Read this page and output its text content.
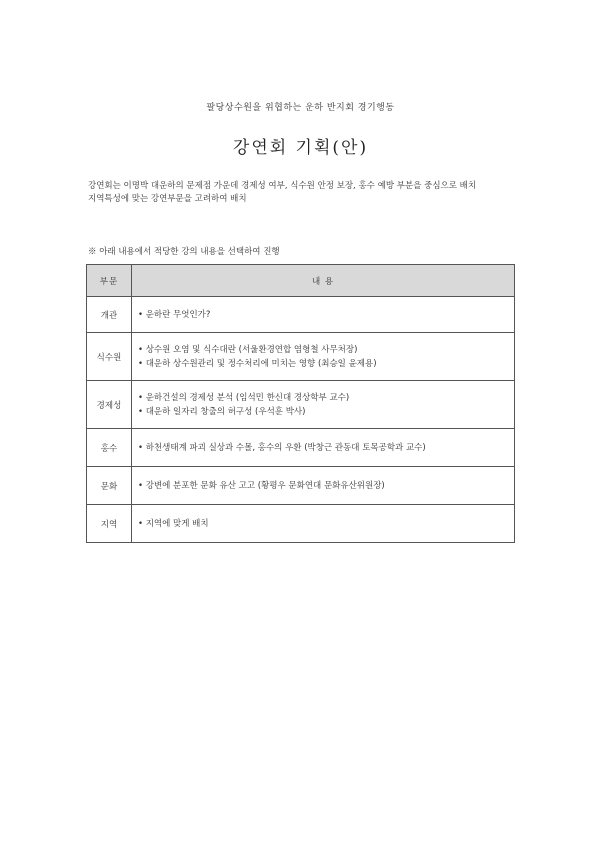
팔당상수원을 위협하는 운하 반지회 경기행동
강연회 기획(안)

강연회는 이명박 대운하의 문제점 가운데 경제성 여부, 식수원 안정 보장, 홍수 예방 부분을 중심으로 배치

지역특성에 맞는 강연부문을 고려하여 배치

※ 아래 내용에서 적당한 강의 내용을 선택하여 진행
부문	내 용
개관	• 운하란 무엇인가?

식수원	• 상수원 오염 및 식수대란 (서울환경연합 염형철 사무처장)
• 대운하 상수원관리 및 정수처리에 미치는 영향 (최승일 윤제용)

경제성	• 운하건설의 경제성 분석 (임석민 한신대 경상학부 교수)
• 대운하 일자리 창출의 허구성 (우석훈 박사)

홍수	• 하천생태계 파괴 실상과 수몰, 홍수의 우환 (박창근 관동대 토목공학과 교수)

문화	• 강변에 분포한 문화 유산 고고 (황평우 문화연대 문화유산위원장)

지역	• 지역에 맞게 배치
